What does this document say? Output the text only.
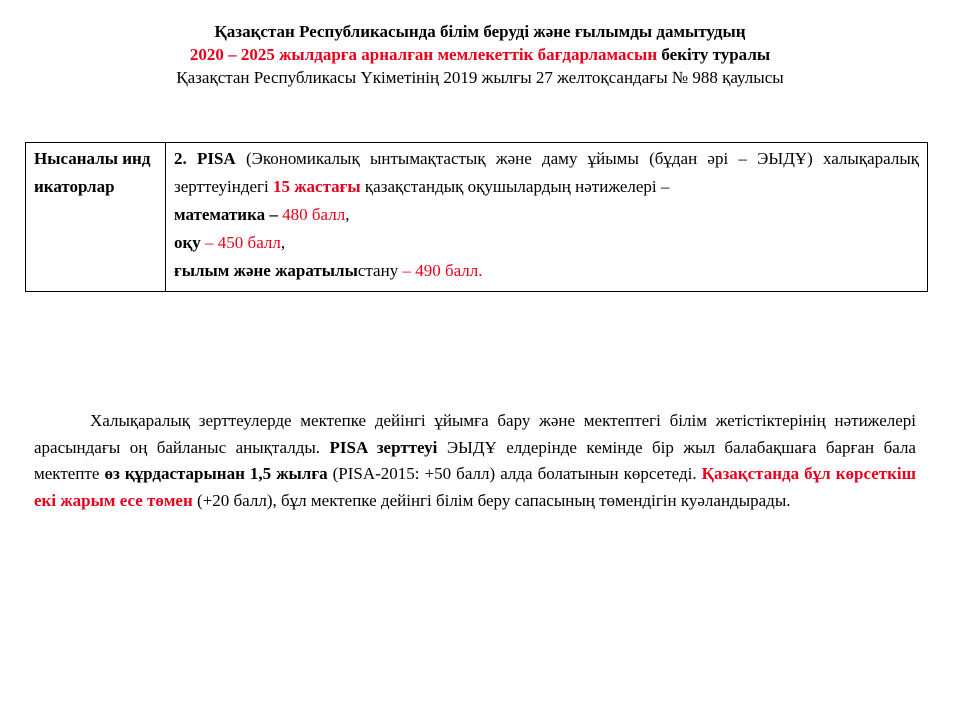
Қазақстан Республикасында білім беруді және ғылымды дамытудың
2020 – 2025 жылдарға арналған мемлекеттік бағдарламасын бекіту туралы
Қазақстан Республикасы Үкіметінің 2019 жылғы 27 желтоқсандағы № 988 қаулысы
Нысаналы индикаторлар	2. PISA (Экономикалық ынтымақтастық және даму ұйымы (бұдан әрі – ЭЫДҰ) халықаралық зерттеуіндегі 15 жастағы қазақстандық оқушылардың нәтижелері –
математика – 480 балл,
оқу – 450 балл,
ғылым және жаратылыстану – 490 балл.
Халықаралық зерттеулерде мектепке дейінгі ұйымға бару және мектептегі білім жетістіктерінің нәтижелері арасындағы оң байланыс анықталды. PISA зерттеуі ЭЫДҰ елдерінде кемінде бір жыл балабақшаға барған бала мектепте өз құрдастарынан 1,5 жылға (PISA-2015: +50 балл) алда болатынын көрсетеді. Қазақстанда бұл көрсеткіш екі жарым есе төмен (+20 балл), бұл мектепке дейінгі білім беру сапасының төмендігін куәландырады.
